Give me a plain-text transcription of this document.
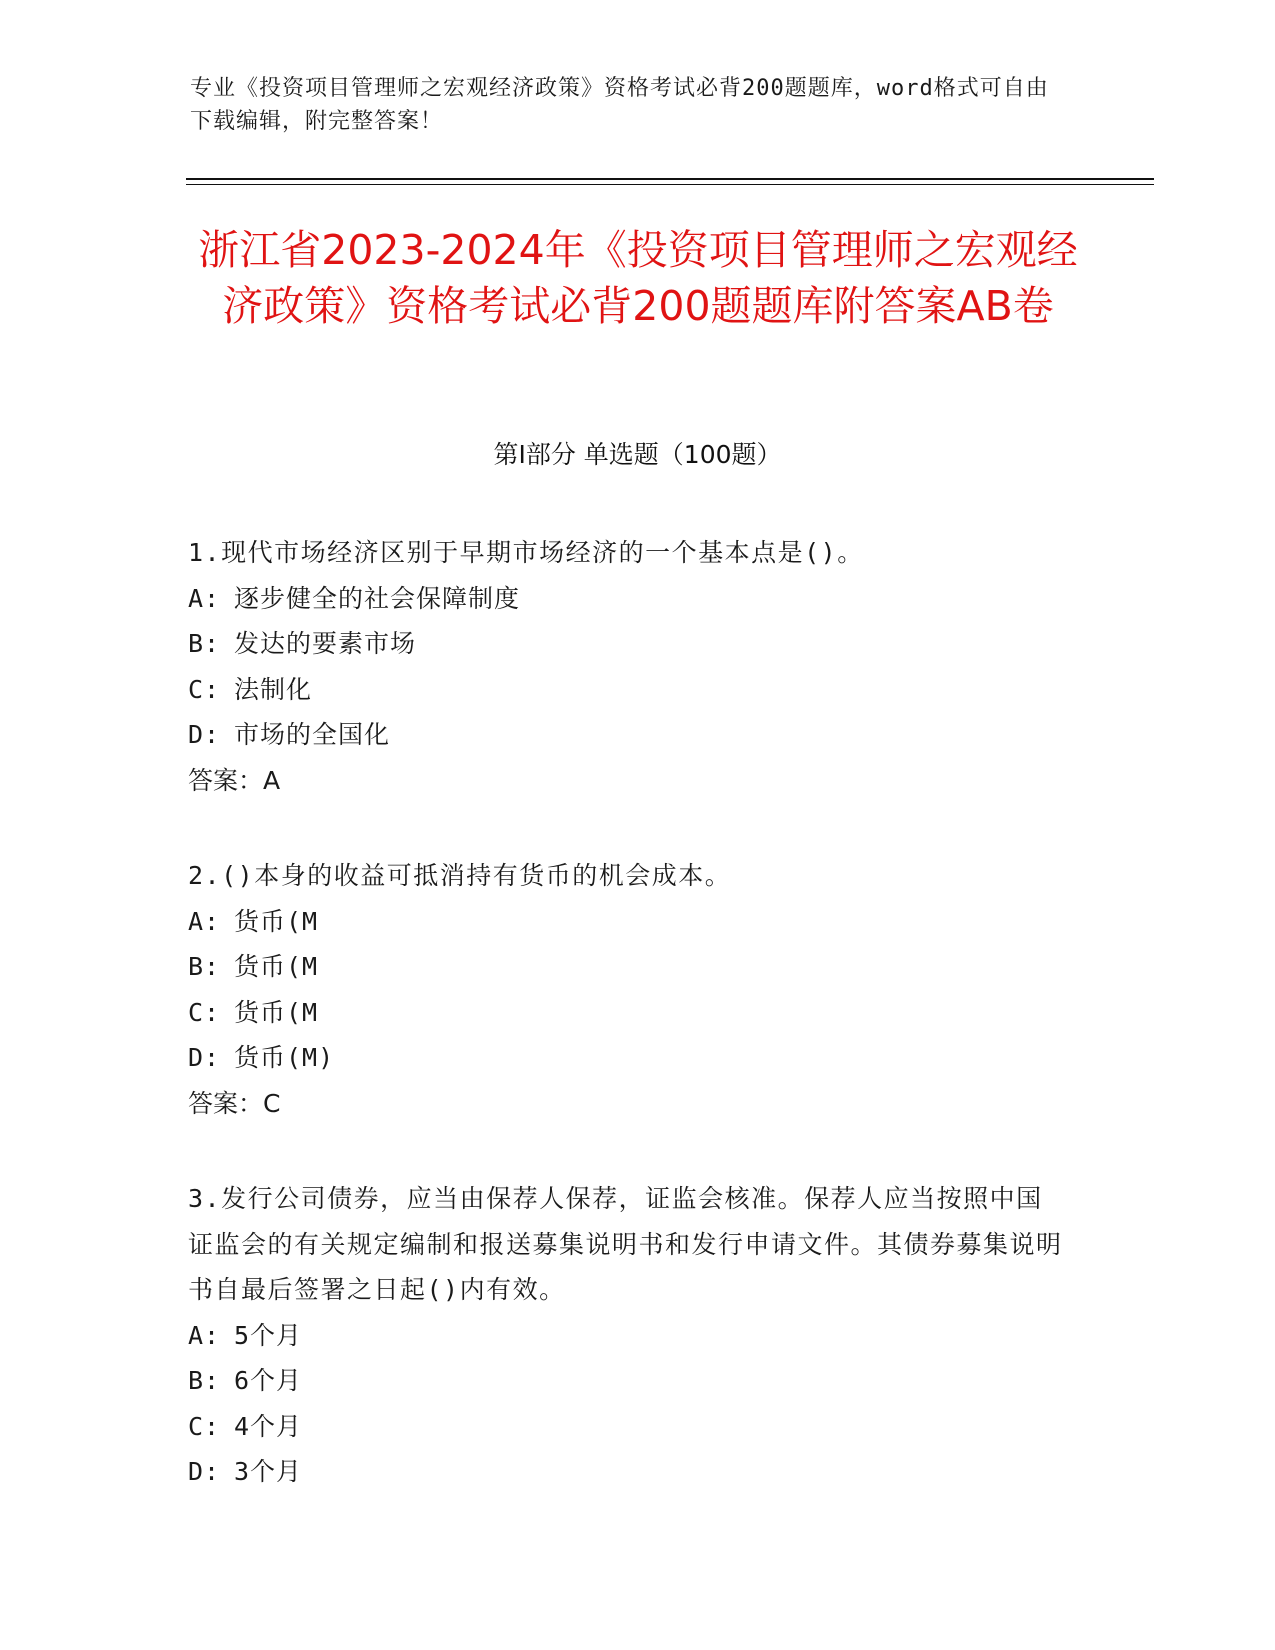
专业《投资项目管理师之宏观经济政策》资格考试必背200题题库，word格式可自由下载编辑，附完整答案！
浙江省2023-2024年《投资项目管理师之宏观经济政策》资格考试必背200题题库附答案AB卷
第Ⅰ部分 单选题（100题）
1.现代市场经济区别于早期市场经济的一个基本点是()。
A: 逐步健全的社会保障制度
B: 发达的要素市场
C: 法制化
D: 市场的全国化
答案：A
2.()本身的收益可抵消持有货币的机会成本。
A: 货币(M
B: 货币(M
C: 货币(M
D: 货币(M)
答案：C
3.发行公司债券，应当由保荐人保荐，证监会核准。保荐人应当按照中国证监会的有关规定编制和报送募集说明书和发行申请文件。其债券募集说明书自最后签署之日起()内有效。
A: 5个月
B: 6个月
C: 4个月
D: 3个月
